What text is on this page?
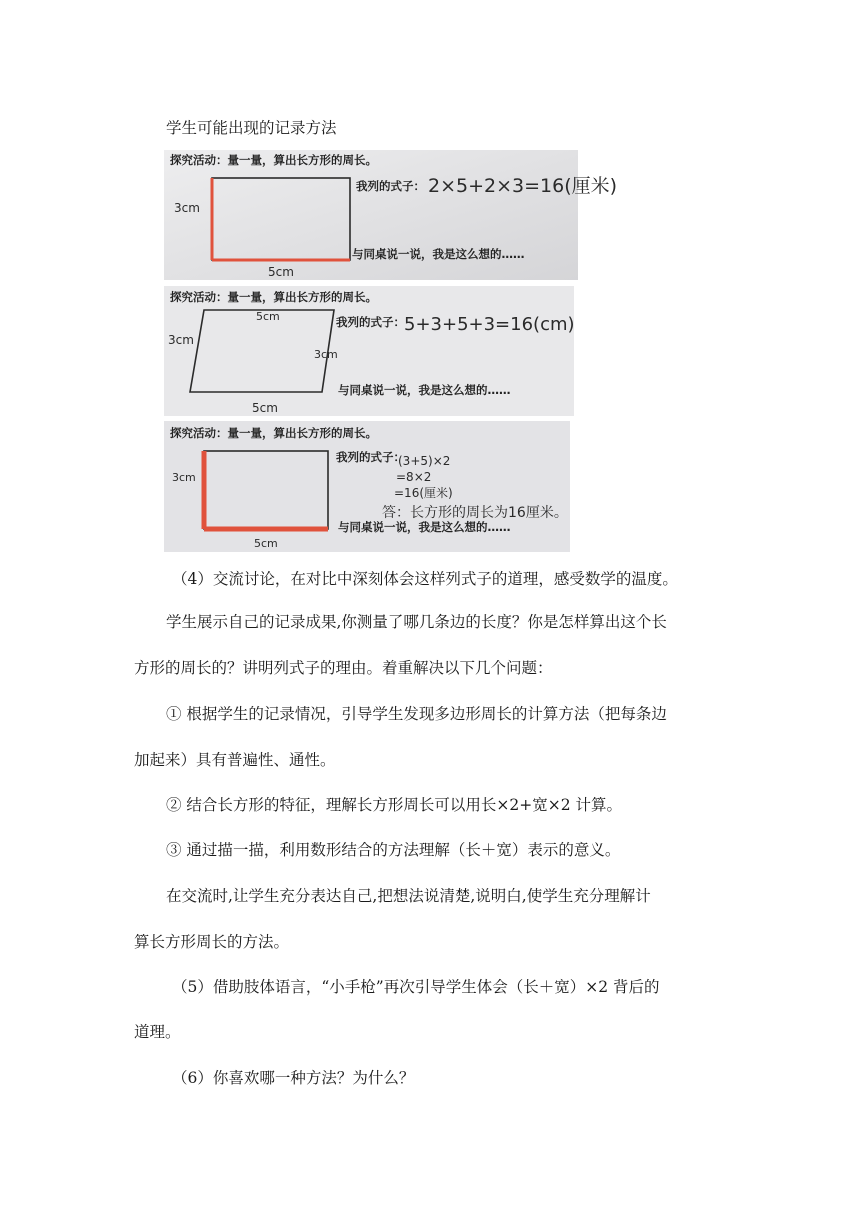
学生可能出现的记录方法
探究活动：量一量，算出长方形的周长。
3cm
5cm
我列的式子： 2×5+2×3=16(厘米)
与同桌说一说，我是这么想的……
探究活动：量一量，算出长方形的周长。
5cm
3cm
3cm
5cm
我列的式子： 5+3+5+3=16(cm)
与同桌说一说，我是这么想的……
探究活动：量一量，算出长方形的周长。
3cm
5cm
我列的式子：
(3+5)×2
=8×2
=16(厘米)
答：长方形的周长为16厘米。
与同桌说一说，我是这么想的……
（4）交流讨论，在对比中深刻体会这样列式子的道理，感受数学的温度。
学生展示自己的记录成果,你测量了哪几条边的长度？你是怎样算出这个长
方形的周长的？讲明列式子的理由。着重解决以下几个问题：
① 根据学生的记录情况，引导学生发现多边形周长的计算方法（把每条边
加起来）具有普遍性、通性。
② 结合长方形的特征，理解长方形周长可以用长×2+宽×2 计算。
③ 通过描一描，利用数形结合的方法理解（长＋宽）表示的意义。
在交流时,让学生充分表达自己,把想法说清楚,说明白,使学生充分理解计
算长方形周长的方法。
（5）借助肢体语言，“小手枪”再次引导学生体会（长＋宽）×2 背后的
道理。
（6）你喜欢哪一种方法？为什么？
